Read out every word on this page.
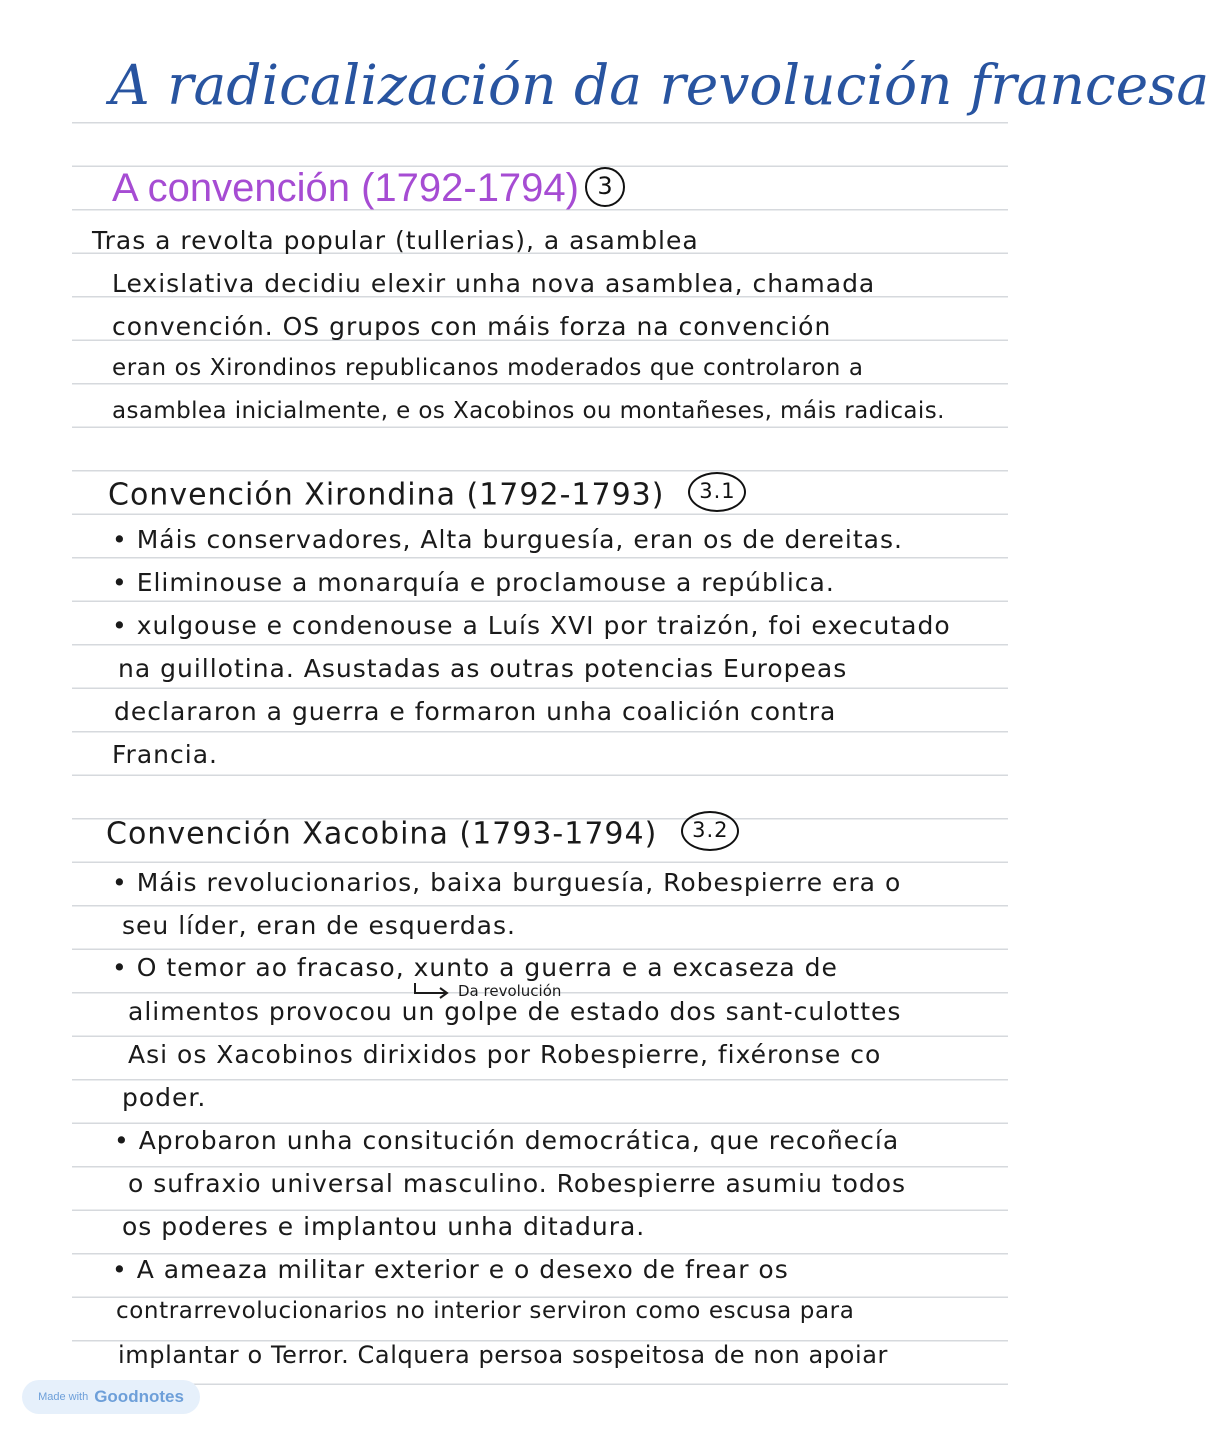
A radicalización da revolución francesa
A convención (1792-1794) 3

Tras a revolta popular (tullerias), a asamblea

Lexislativa decidiu elexir unha nova asamblea, chamada

convención. OS grupos con máis forza na convención

eran os Xirondinos republicanos moderados que controlaron a

asamblea inicialmente, e os Xacobinos ou montañeses, máis radicais.

Convención Xirondina (1792-1793) 3.1

• Máis conservadores, Alta burguesía, eran os de dereitas.

• Eliminouse a monarquía e proclamouse a república.

• xulgouse e condenouse a Luís XVI por traizón, foi executado

na guillotina. Asustadas as outras potencias Europeas

declararon a guerra e formaron unha coalición contra

Francia.

Convención Xacobina (1793-1794) 3.2

• Máis revolucionarios, baixa burguesía, Robespierre era o

seu líder, eran de esquerdas.

• O temor ao fracaso, xunto a guerra e a excaseza de

Da revolución

alimentos provocou un golpe de estado dos sant-culottes

Asi os Xacobinos dirixidos por Robespierre, fixéronse co

poder.

• Aprobaron unha consitución democrática, que recoñecía

o sufraxio universal masculino. Robespierre asumiu todos

os poderes e implantou unha ditadura.

• A ameaza militar exterior e o desexo de frear os

contrarrevolucionarios no interior serviron como escusa para

implantar o Terror. Calquera persoa sospeitosa de non apoiar

Made with Goodnotes
